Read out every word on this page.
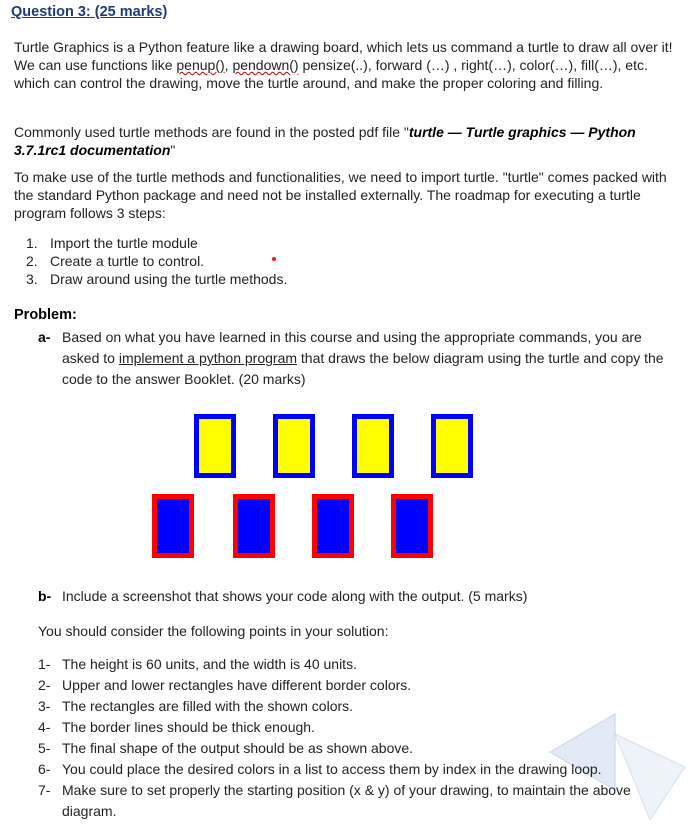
Question 3: (25 marks)

Turtle Graphics is a Python feature like a drawing board, which lets us command a turtle to draw all over it! We can use functions like penup(), pendown() pensize(..), forward (…) , right(…), color(…), fill(…), etc. which can control the drawing, move the turtle around, and make the proper coloring and filling.

Commonly used turtle methods are found in the posted pdf file "turtle — Turtle graphics — Python 3.7.1rc1 documentation"

To make use of the turtle methods and functionalities, we need to import turtle. "turtle" comes packed with the standard Python package and need not be installed externally. The roadmap for executing a turtle program follows 3 steps:

1. Import the turtle module
2. Create a turtle to control.
3. Draw around using the turtle methods.
Problem:
a- Based on what you have learned in this course and using the appropriate commands, you are asked to implement a python program that draws the below diagram using the turtle and copy the code to the answer Booklet. (20 marks)
b- Include a screenshot that shows your code along with the output. (5 marks)
You should consider the following points in your solution:
1- The height is 60 units, and the width is 40 units.
2- Upper and lower rectangles have different border colors.
3- The rectangles are filled with the shown colors.
4- The border lines should be thick enough.
5- The final shape of the output should be as shown above.
6- You could place the desired colors in a list to access them by index in the drawing loop.
7- Make sure to set properly the starting position (x & y) of your drawing, to maintain the above diagram.
